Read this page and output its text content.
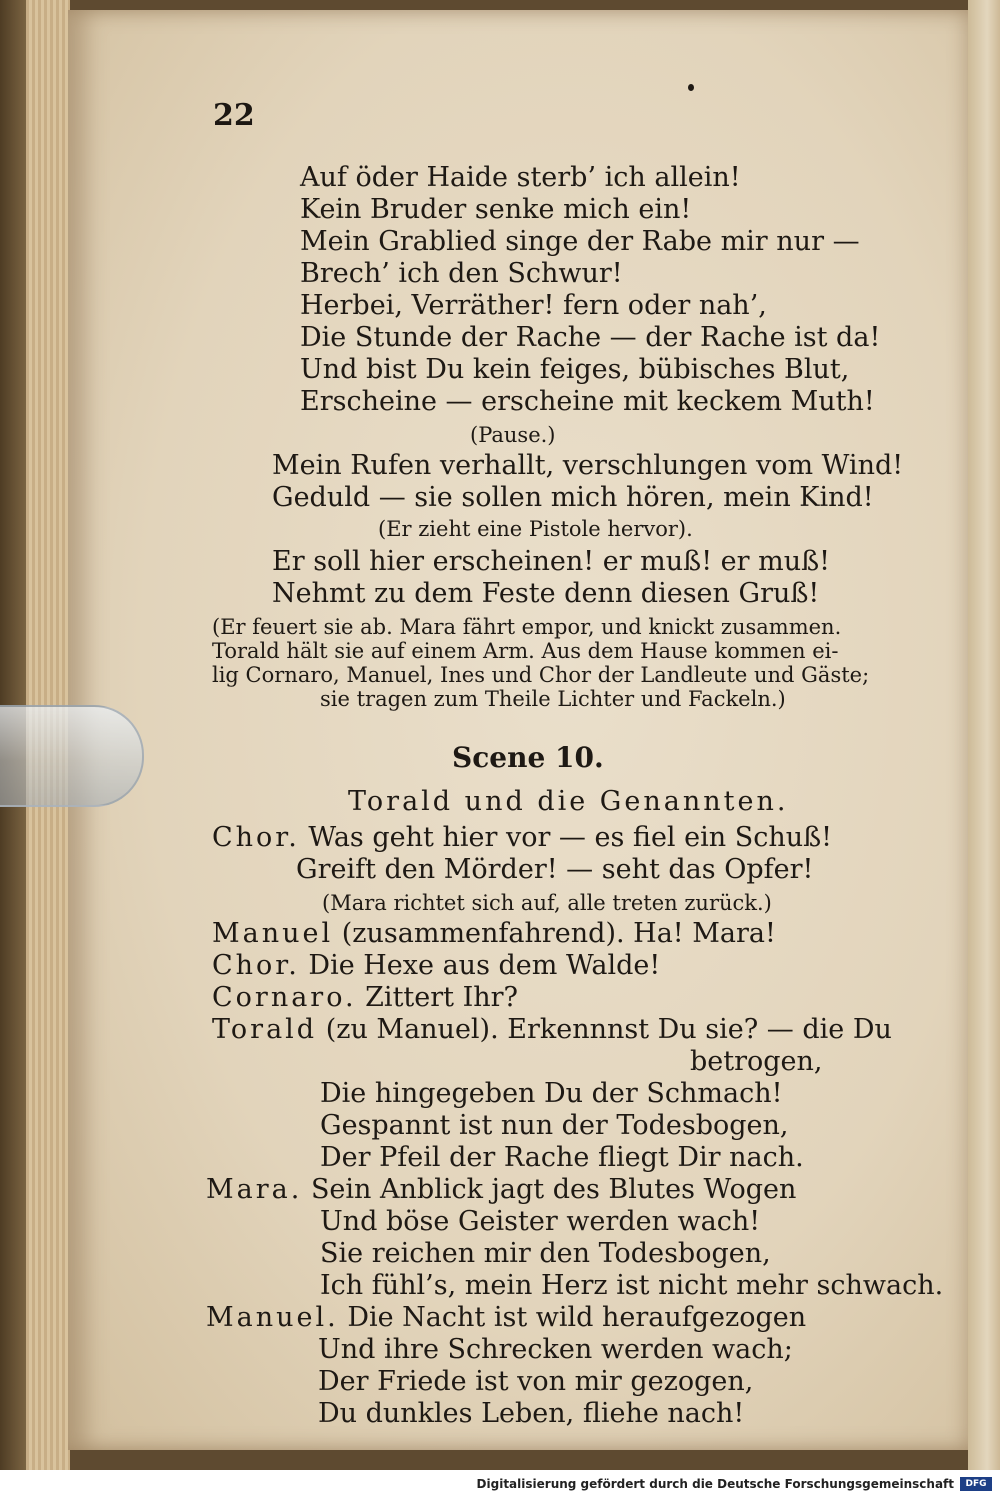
22
Auf öder Haide sterb’ ich allein!
Kein Bruder senke mich ein!
Mein Grablied singe der Rabe mir nur —
Brech’ ich den Schwur!
Herbei, Verräther! fern oder nah’,
Die Stunde der Rache — der Rache ist da!
Und bist Du kein feiges, bübisches Blut,
Erscheine — erscheine mit keckem Muth!
(Pause.)
Mein Rufen verhallt, verschlungen vom Wind!
Geduld — sie sollen mich hören, mein Kind!
(Er zieht eine Pistole hervor).
Er soll hier erscheinen! er muß! er muß!
Nehmt zu dem Feste denn diesen Gruß!
(Er feuert sie ab. Mara fährt empor, und knickt zusammen.
Torald hält sie auf einem Arm. Aus dem Hause kommen ei-
lig Cornaro, Manuel, Ines und Chor der Landleute und Gäste;
sie tragen zum Theile Lichter und Fackeln.)
Scene 10.
Torald und die Genannten.
Chor. Was geht hier vor — es fiel ein Schuß!
Greift den Mörder! — seht das Opfer!
(Mara richtet sich auf, alle treten zurück.)
Manuel (zusammenfahrend). Ha! Mara!
Chor. Die Hexe aus dem Walde!
Cornaro. Zittert Ihr?
Torald (zu Manuel). Erkennnst Du sie? — die Du
betrogen,
Die hingegeben Du der Schmach!
Gespannt ist nun der Todesbogen,
Der Pfeil der Rache fliegt Dir nach.
Mara. Sein Anblick jagt des Blutes Wogen
Und böse Geister werden wach!
Sie reichen mir den Todesbogen,
Ich fühl’s, mein Herz ist nicht mehr schwach.
Manuel. Die Nacht ist wild heraufgezogen
Und ihre Schrecken werden wach;
Der Friede ist von mir gezogen,
Du dunkles Leben, fliehe nach!
Digitalisierung gefördert durch die Deutsche Forschungsgemeinschaft	DFG
